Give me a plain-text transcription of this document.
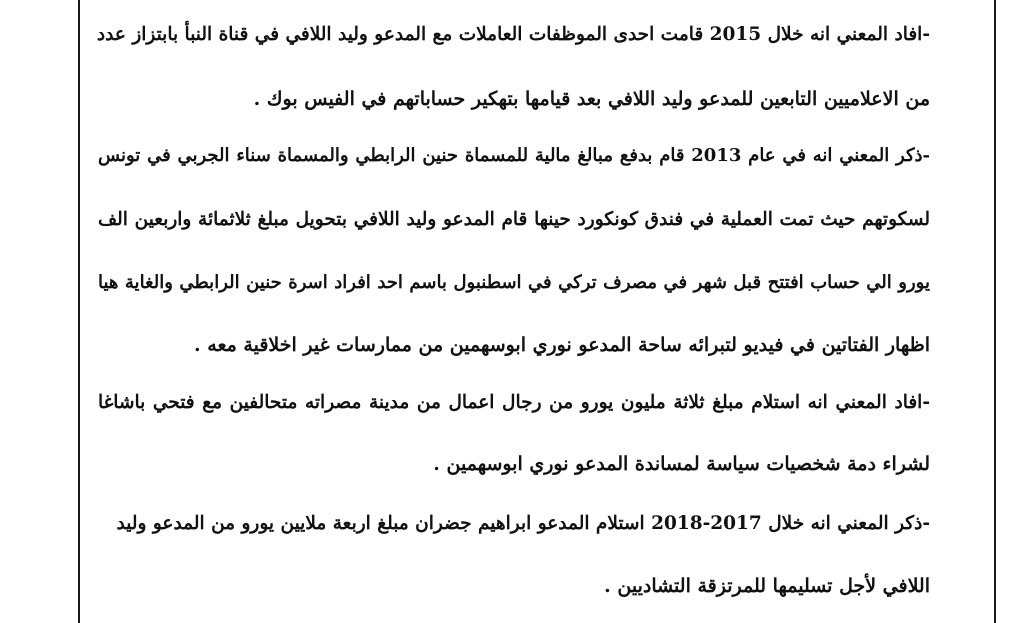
-افاد المعني انه خلال 2015 قامت احدى الموظفات العاملات مع المدعو وليد اللافي في قناة النبأ بابتزاز عدد
من الاعلاميين التابعين للمدعو وليد اللافي بعد قيامها بتهكير حساباتهم في الفيس بوك .
-ذكر المعني انه في عام 2013 قام بدفع مبالغ مالية للمسماة حنين الرابطي والمسماة سناء الجربي في تونس
لسكوتهم حيث تمت العملية في فندق كونكورد حينها قام المدعو وليد اللافي بتحويل مبلغ ثلاثمائة واربعين الف
يورو الي حساب افتتح قبل شهر في مصرف تركي في اسطنبول باسم احد افراد اسرة حنين الرابطي والغاية هيا
اظهار الفتاتين في فيديو لتبرائه ساحة المدعو نوري ابوسهمين من ممارسات غير اخلاقية معه .
-افاد المعني انه استلام مبلغ ثلاثة مليون يورو من رجال اعمال من مدينة مصراته متحالفين مع فتحي باشاغا
لشراء دمة شخصيات سياسة لمساندة المدعو نوري ابوسهمين .
-ذكر المعني انه خلال 2017-2018 استلام المدعو ابراهيم جضران مبلغ اربعة ملايين يورو من المدعو وليد
اللافي لأجل تسليمها للمرتزقة التشاديين .
